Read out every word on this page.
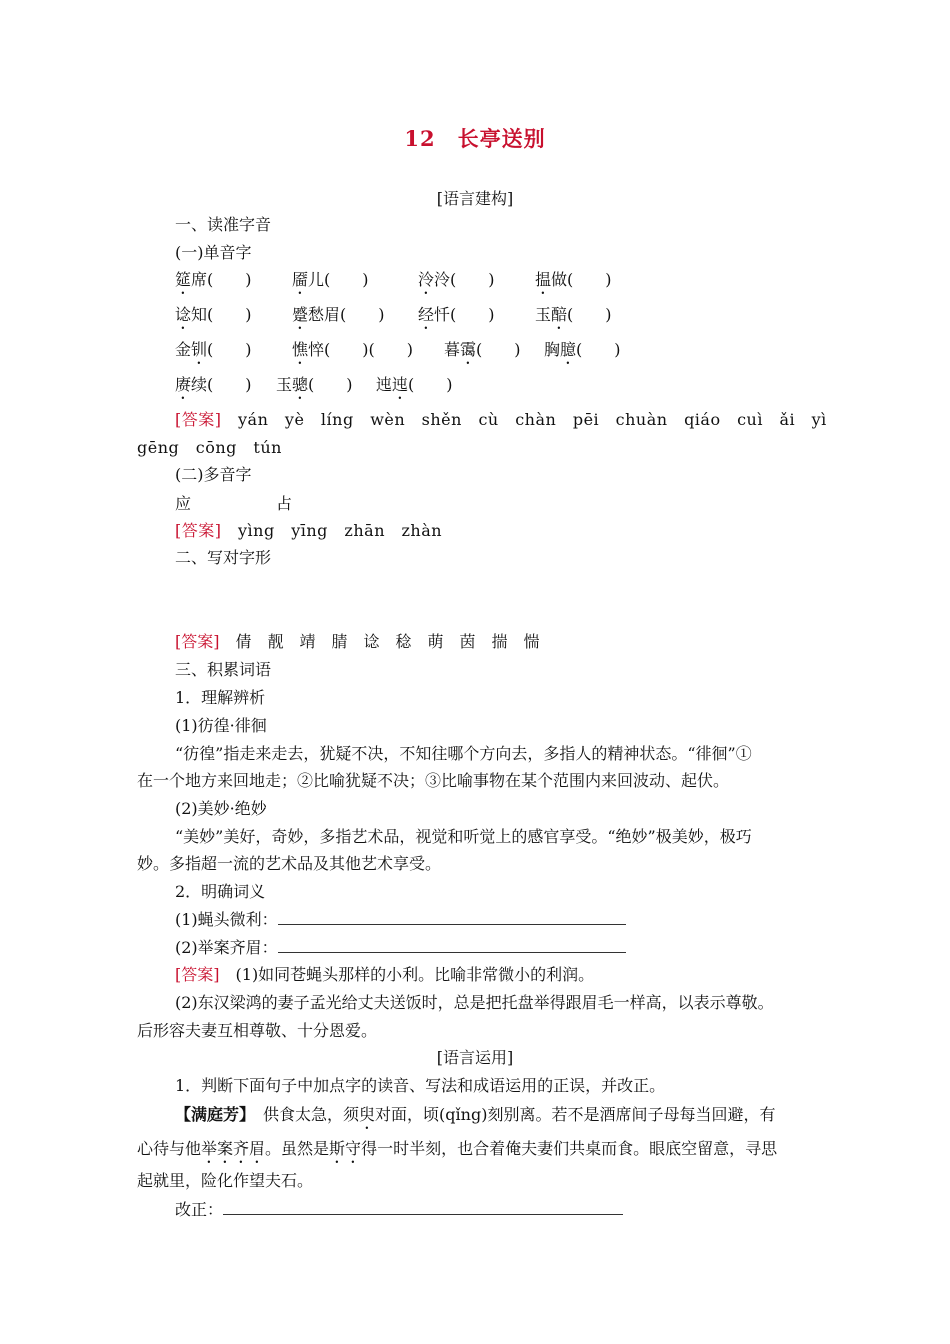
12　长亭送别
[语言建构]
一、读准字音
(一)单音字
筵席(　　)	靥儿(　　)	泠泠(　　)	揾做(　　)
谂知(　　)	蹙愁眉(　　) 经忏(　　)	玉醅(　　)
金钏(　　)	憔悴(　　)(　　) 暮霭(　　) 胸臆(　　)
赓续(　　) 玉骢(　　) 迍迍(　　)
[答案]　 yán　yè　líng　wèn　shěn　cù　chàn　pēi　chuàn　qiáo　cuì　ǎi　yì
gēng　cōng　tún
(二)多音字
应	占
[答案]　 yìng　yīng　zhān　zhàn
二、写对字形
[答案]　 倩　靓　靖　腈　谂　稔　萌　茵　揣　惴
三、积累词语
1．理解辨析
(1)彷徨·徘徊
“彷徨”指走来走去，犹疑不决，不知往哪个方向去，多指人的精神状态。“徘徊”①
在一个地方来回地走；②比喻犹疑不决；③比喻事物在某个范围内来回波动、起伏。
(2)美妙·绝妙
“美妙”美好，奇妙，多指艺术品，视觉和听觉上的感官享受。“绝妙”极美妙，极巧
妙。多指超一流的艺术品及其他艺术享受。
2．明确词义
(1)蝇头微利：
(2)举案齐眉：
[答案]　 (1)如同苍蝇头那样的小利。比喻非常微小的利润。
(2)东汉梁鸿的妻子孟光给丈夫送饭时，总是把托盘举得跟眉毛一样高，以表示尊敬。
后形容夫妻互相尊敬、十分恩爱。
[语言运用]
1．判断下面句子中加点字的读音、写法和成语运用的正误，并改正。
【满庭芳】　供食太急，须臾对面，顷(qǐng)刻别离。若不是酒席间子母每当回避，有
心待与他举案齐眉。虽然是斯守得一时半刻，也合着俺夫妻们共桌而食。眼底空留意，寻思
起就里，险化作望夫石。
改正：
